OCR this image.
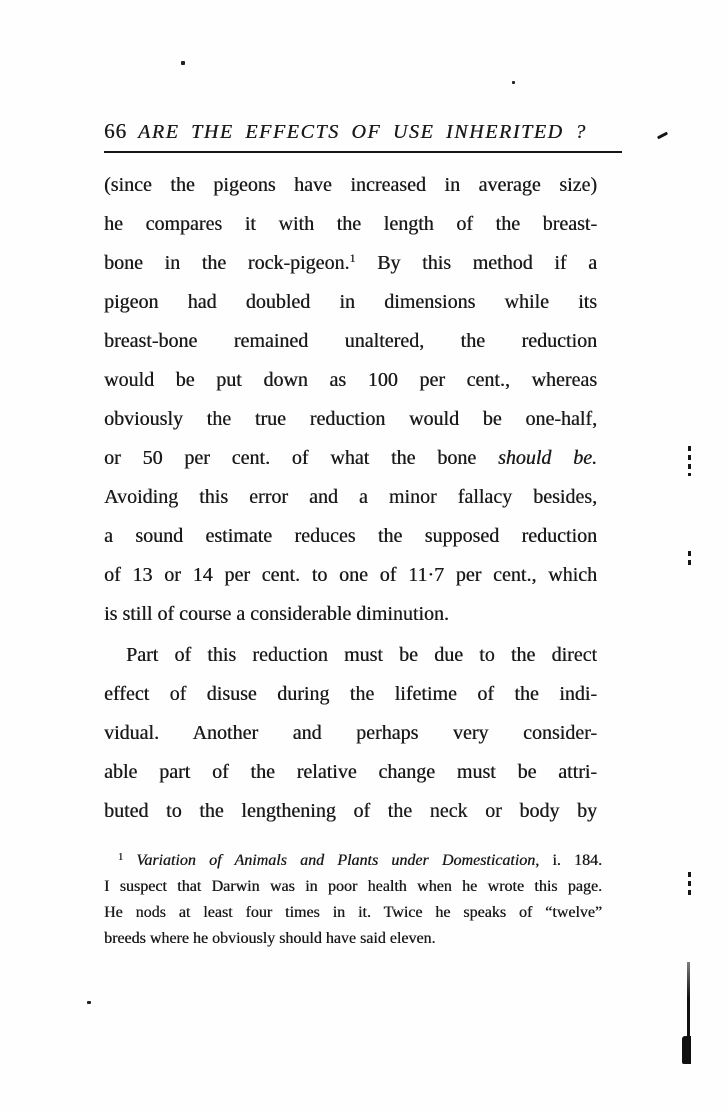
66 ARE THE EFFECTS OF USE INHERITED ?

(since the pigeons have increased in average size)
he compares it with the length of the breast-
bone in the rock-pigeon.$^1$ By this method if a
pigeon had doubled in dimensions while its
breast-bone remained unaltered, the reduction
would be put down as 100 per cent., whereas
obviously the true reduction would be one-half,
or 50 per cent. of what the bone should be.
Avoiding this error and a minor fallacy besides,
a sound estimate reduces the supposed reduction
of 13 or 14 per cent. to one of 11·7 per cent., which
is still of course a considerable diminution.

Part of this reduction must be due to the direct
effect of disuse during the lifetime of the indi-
vidual. Another and perhaps very consider-
able part of the relative change must be attri-
buted to the lengthening of the neck or body by

$^1$ Variation of Animals and Plants under Domestication, i. 184.
I suspect that Darwin was in poor health when he wrote this page.
He nods at least four times in it. Twice he speaks of “twelve”
breeds where he obviously should have said eleven.
